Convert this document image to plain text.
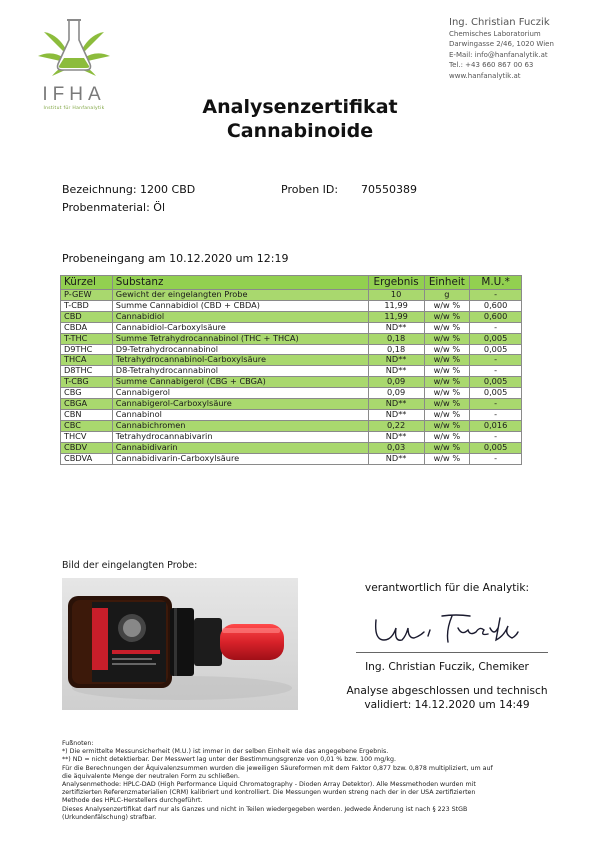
IFHA
Institut für Hanfanalytik
Ing. Christian Fuczik
Chemisches Laboratorium
Darwingasse 2/46, 1020 Wien
E-Mail: info@hanfanalytik.at
Tel.: +43 660 867 00 63
www.hanfanalytik.at
Analysenzertifikat
Cannabinoide
Bezeichnung: 1200 CBD	Proben ID: 70550389
Probenmaterial: Öl
Probeneingang am 10.12.2020 um 12:19
Kürzel	Substanz	Ergebnis	Einheit	M.U.*
P-GEW	Gewicht der eingelangten Probe	10	g	-
T-CBD	Summe Cannabidiol (CBD + CBDA)	11,99	w/w %	0,600
CBD	Cannabidiol	11,99	w/w %	0,600
CBDA	Cannabidiol-Carboxylsäure	ND**	w/w %	-
T-THC	Summe Tetrahydrocannabinol (THC + THCA)	0,18	w/w %	0,005
D9THC	D9-Tetrahydrocannabinol	0,18	w/w %	0,005
THCA	Tetrahydrocannabinol-Carboxylsäure	ND**	w/w %	-
D8THC	D8-Tetrahydrocannabinol	ND**	w/w %	-
T-CBG	Summe Cannabigerol (CBG + CBGA)	0,09	w/w %	0,005
CBG	Cannabigerol	0,09	w/w %	0,005
CBGA	Cannabigerol-Carboxylsäure	ND**	w/w %	-
CBN	Cannabinol	ND**	w/w %	-
CBC	Cannabichromen	0,22	w/w %	0,016
THCV	Tetrahydrocannabivarin	ND**	w/w %	-
CBDV	Cannabidivarin	0,03	w/w %	0,005
CBDVA	Cannabidivarin-Carboxylsäure	ND**	w/w %	-
Bild der eingelangten Probe:
verantwortlich für die Analytik:
Ing. Christian Fuczik, Chemiker
Analyse abgeschlossen und technisch
validiert: 14.12.2020 um 14:49
Fußnoten:
*) Die ermittelte Messunsicherheit (M.U.) ist immer in der selben Einheit wie das angegebene Ergebnis.
**) ND = nicht detektierbar. Der Messwert lag unter der Bestimmungsgrenze von 0,01 % bzw. 100 mg/kg.
Für die Berechnungen der Äquivalenzsummen wurden die jeweiligen Säureformen mit dem Faktor 0,877 bzw. 0,878 multipliziert, um auf
die äquivalente Menge der neutralen Form zu schließen.
Analysenmethode: HPLC-DAD (High Performance Liquid Chromatography - Dioden Array Detektor). Alle Messmethoden wurden mit
zertifizierten Referenzmaterialien (CRM) kalibriert und kontrolliert. Die Messungen wurden streng nach der in der USA zertifizierten
Methode des HPLC-Herstellers durchgeführt.
Dieses Analysenzertifikat darf nur als Ganzes und nicht in Teilen wiedergegeben werden. Jedwede Änderung ist nach § 223 StGB
(Urkundenfälschung) strafbar.
